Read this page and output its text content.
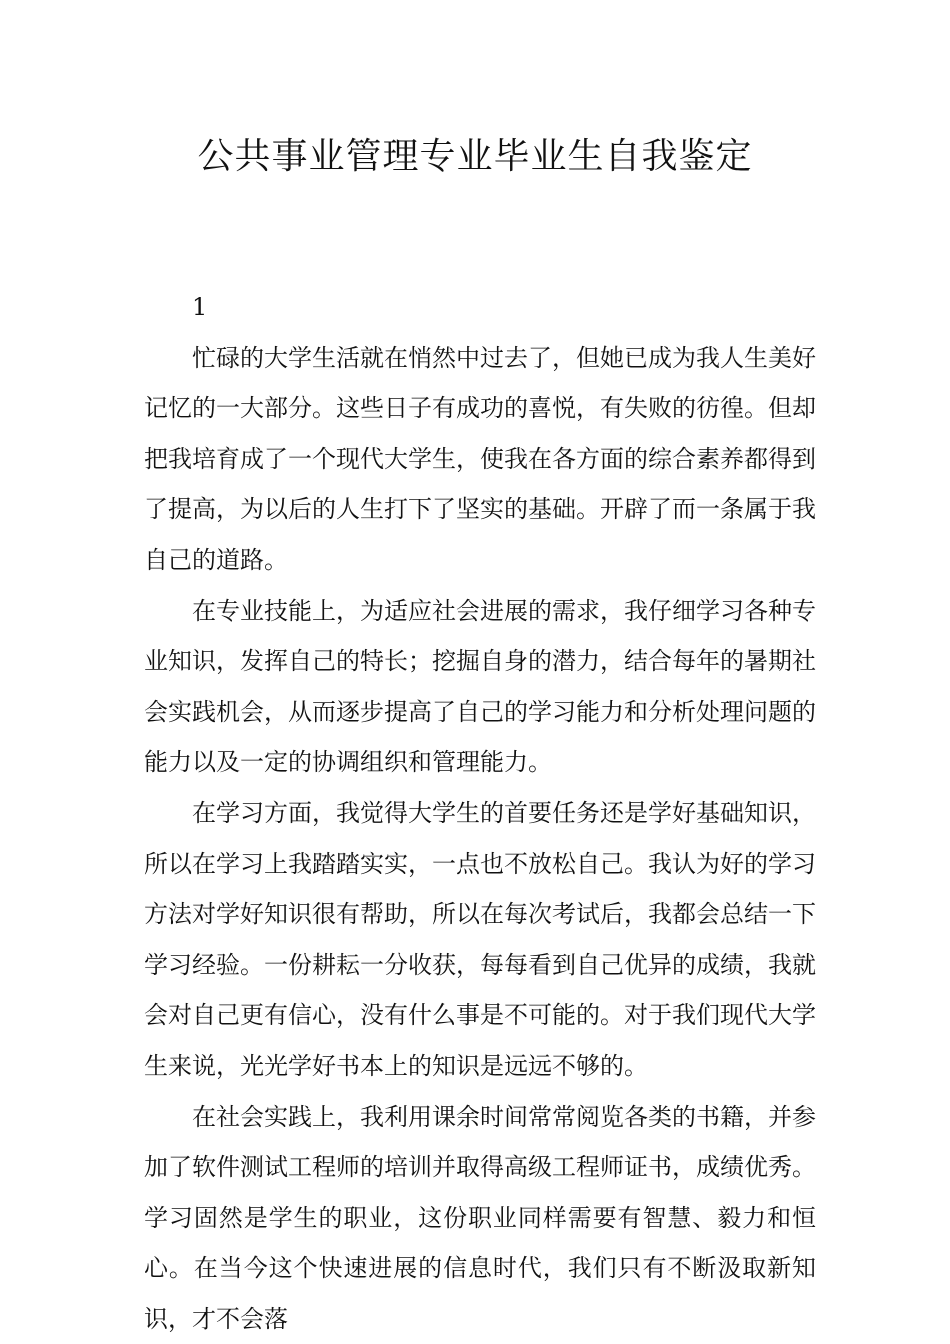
公共事业管理专业毕业生自我鉴定

1

忙碌的大学生活就在悄然中过去了，但她已成为我人生美好记忆的一大部分。这些日子有成功的喜悦，有失败的彷徨。但却把我培育成了一个现代大学生，使我在各方面的综合素养都得到了提高，为以后的人生打下了坚实的基础。开辟了而一条属于我自己的道路。

在专业技能上，为适应社会进展的需求，我仔细学习各种专业知识，发挥自己的特长；挖掘自身的潜力，结合每年的暑期社会实践机会，从而逐步提高了自己的学习能力和分析处理问题的能力以及一定的协调组织和管理能力。

在学习方面，我觉得大学生的首要任务还是学好基础知识，所以在学习上我踏踏实实，一点也不放松自己。我认为好的学习方法对学好知识很有帮助，所以在每次考试后，我都会总结一下学习经验。一份耕耘一分收获，每每看到自己优异的成绩，我就会对自己更有信心，没有什么事是不可能的。对于我们现代大学生来说，光光学好书本上的知识是远远不够的。

在社会实践上，我利用课余时间常常阅览各类的书籍，并参加了软件测试工程师的培训并取得高级工程师证书，成绩优秀。学习固然是学生的职业，这份职业同样需要有智慧、毅力和恒心。在当今这个快速进展的信息时代，我们只有不断汲取新知识，才不会落
